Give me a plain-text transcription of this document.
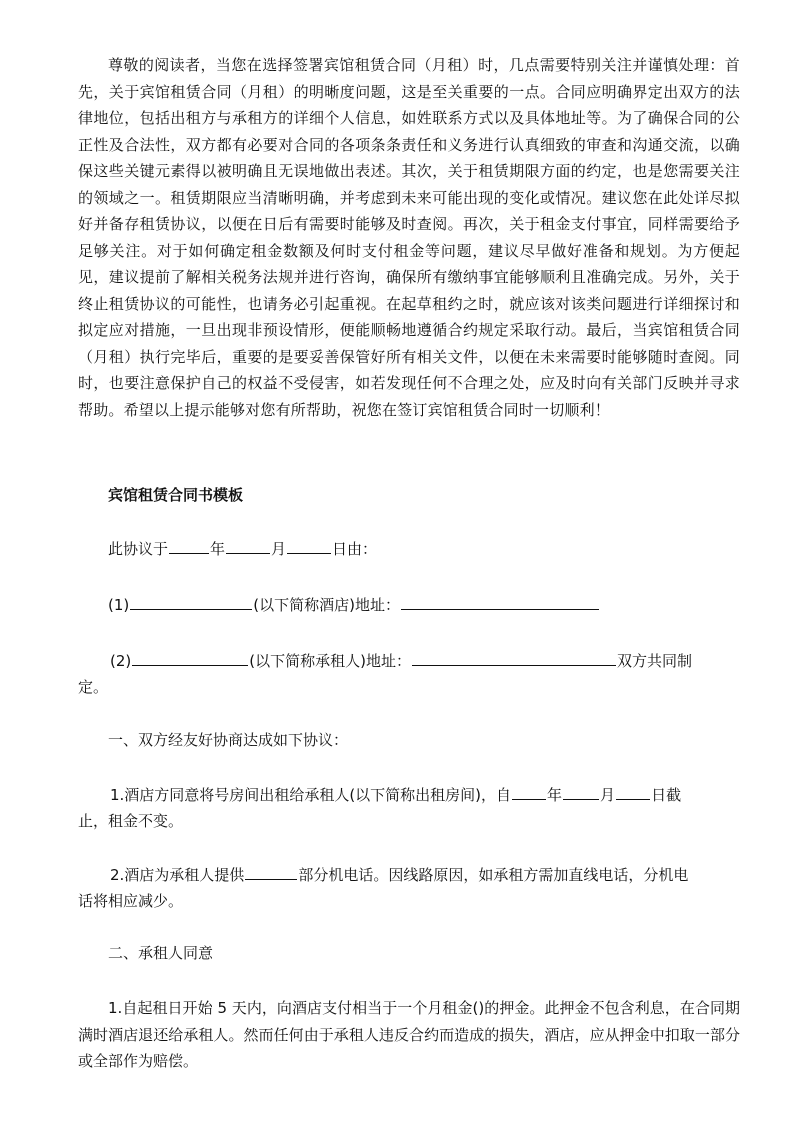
尊敬的阅读者，当您在选择签署宾馆租赁合同（月租）时，几点需要特别关注并谨慎处理：首先，关于宾馆租赁合同（月租）的明晰度问题，这是至关重要的一点。合同应明确界定出双方的法律地位，包括出租方与承租方的详细个人信息，如姓联系方式以及具体地址等。为了确保合同的公正性及合法性，双方都有必要对合同的各项条条责任和义务进行认真细致的审查和沟通交流，以确保这些关键元素得以被明确且无误地做出表述。其次，关于租赁期限方面的约定，也是您需要关注的领域之一。租赁期限应当清晰明确，并考虑到未来可能出现的变化或情况。建议您在此处详尽拟好并备存租赁协议，以便在日后有需要时能够及时查阅。再次，关于租金支付事宜，同样需要给予足够关注。对于如何确定租金数额及何时支付租金等问题，建议尽早做好准备和规划。为方便起见，建议提前了解相关税务法规并进行咨询，确保所有缴纳事宜能够顺利且准确完成。另外，关于终止租赁协议的可能性，也请务必引起重视。在起草租约之时，就应该对该类问题进行详细探讨和拟定应对措施，一旦出现非预设情形，便能顺畅地遵循合约规定采取行动。最后，当宾馆租赁合同（月租）执行完毕后，重要的是要妥善保管好所有相关文件，以便在未来需要时能够随时查阅。同时，也要注意保护自己的权益不受侵害，如若发现任何不合理之处，应及时向有关部门反映并寻求帮助。希望以上提示能够对您有所帮助，祝您在签订宾馆租赁合同时一切顺利！

宾馆租赁合同书模板

此协议于	年	月	日由：

(1)	(以下简称酒店)地址：

(2)	(以下简称承租人)地址：	双方共同制

定。

一、双方经友好协商达成如下协议：

1.酒店方同意将号房间出租给承租人(以下简称出租房间)，自 年	月 日截

止，租金不变。

2.酒店为承租人提供	部分机电话。因线路原因，如承租方需加直线电话，分机电

话将相应减少。

二、承租人同意

1.自起租日开始 5 天内，向酒店支付相当于一个月租金()的押金。此押金不包含利息，在合同期满时酒店退还给承租人。然而任何由于承租人违反合约而造成的损失，酒店，应从押金中扣取一部分或全部作为赔偿。
